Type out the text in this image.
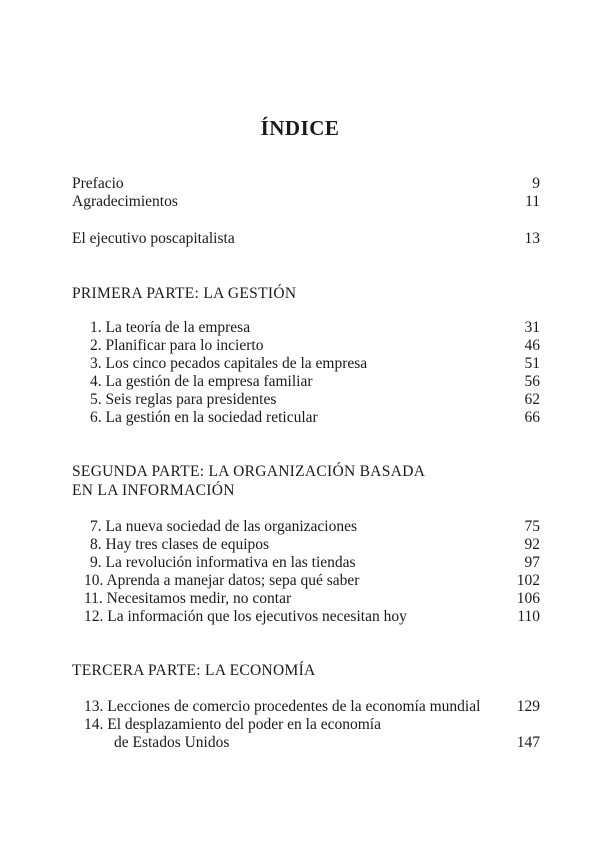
ÍNDICE
Prefacio	9
Agradecimientos	11
El ejecutivo poscapitalista	13
PRIMERA PARTE: LA GESTIÓN
1. La teoría de la empresa	31
2. Planificar para lo incierto	46
3. Los cinco pecados capitales de la empresa	51
4. La gestión de la empresa familiar	56
5. Seis reglas para presidentes	62
6. La gestión en la sociedad reticular	66
SEGUNDA PARTE: LA ORGANIZACIÓN BASADA
EN LA INFORMACIÓN
7. La nueva sociedad de las organizaciones	75
8. Hay tres clases de equipos	92
9. La revolución informativa en las tiendas	97
10. Aprenda a manejar datos; sepa qué saber	102
11. Necesitamos medir, no contar	106
12. La información que los ejecutivos necesitan hoy	110
TERCERA PARTE: LA ECONOMÍA
13. Lecciones de comercio procedentes de la economía mundial 129
14. El desplazamiento del poder en la economía
de Estados Unidos	147
